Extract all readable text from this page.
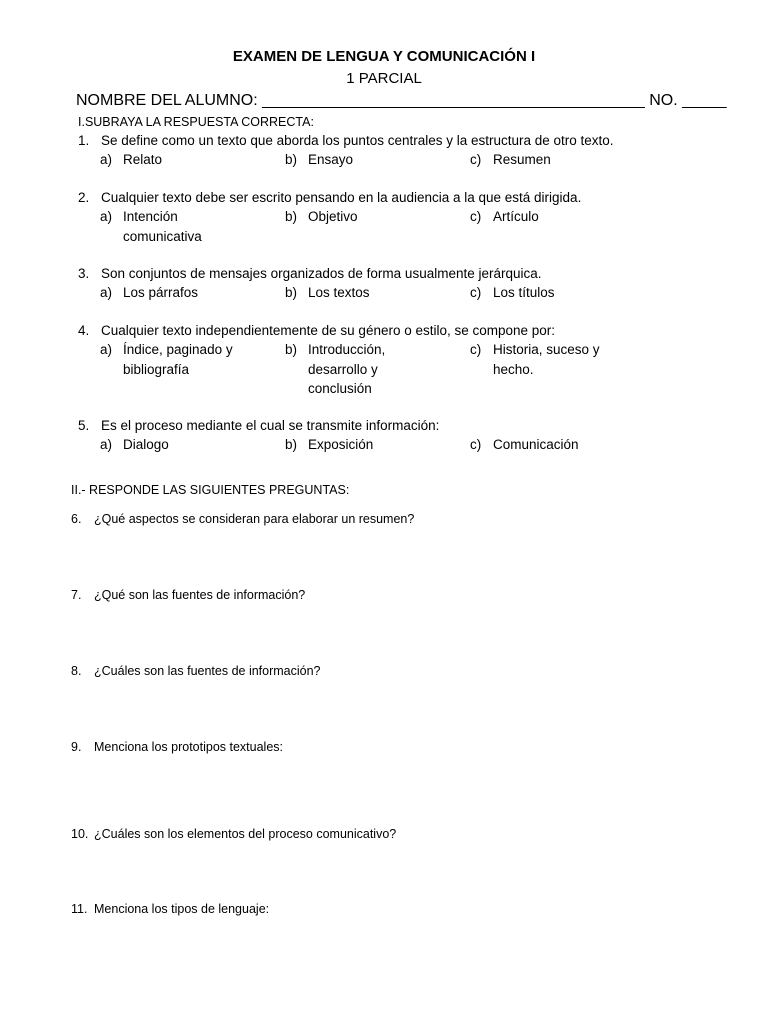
EXAMEN DE LENGUA Y COMUNICACIÓN I
1 PARCIAL
NOMBRE DEL ALUMNO: ___________________________________________ NO. _____
I.SUBRAYA LA RESPUESTA CORRECTA:
1. Se define como un texto que aborda los puntos centrales y la estructura de otro texto.
a) Relato	b) Ensayo	c) Resumen
2. Cualquier texto debe ser escrito pensando en la audiencia a la que está dirigida.
a) Intención
comunicativa
b) Objetivo	c) Artículo
3. Son conjuntos de mensajes organizados de forma usualmente jerárquica.
a) Los párrafos	b) Los textos	c) Los títulos
4. Cualquier texto independientemente de su género o estilo, se compone por:
a) Índice, paginado y
bibliografía
b) Introducción,
desarrollo y
conclusión
c) Historia, suceso y
hecho.
5. Es el proceso mediante el cual se transmite información:
a) Dialogo	b) Exposición	c) Comunicación
II.- RESPONDE LAS SIGUIENTES PREGUNTAS:
6. ¿Qué aspectos se consideran para elaborar un resumen?
7. ¿Qué son las fuentes de información?
8. ¿Cuáles son las fuentes de información?
9. Menciona los prototipos textuales:
10. ¿Cuáles son los elementos del proceso comunicativo?
11. Menciona los tipos de lenguaje:
